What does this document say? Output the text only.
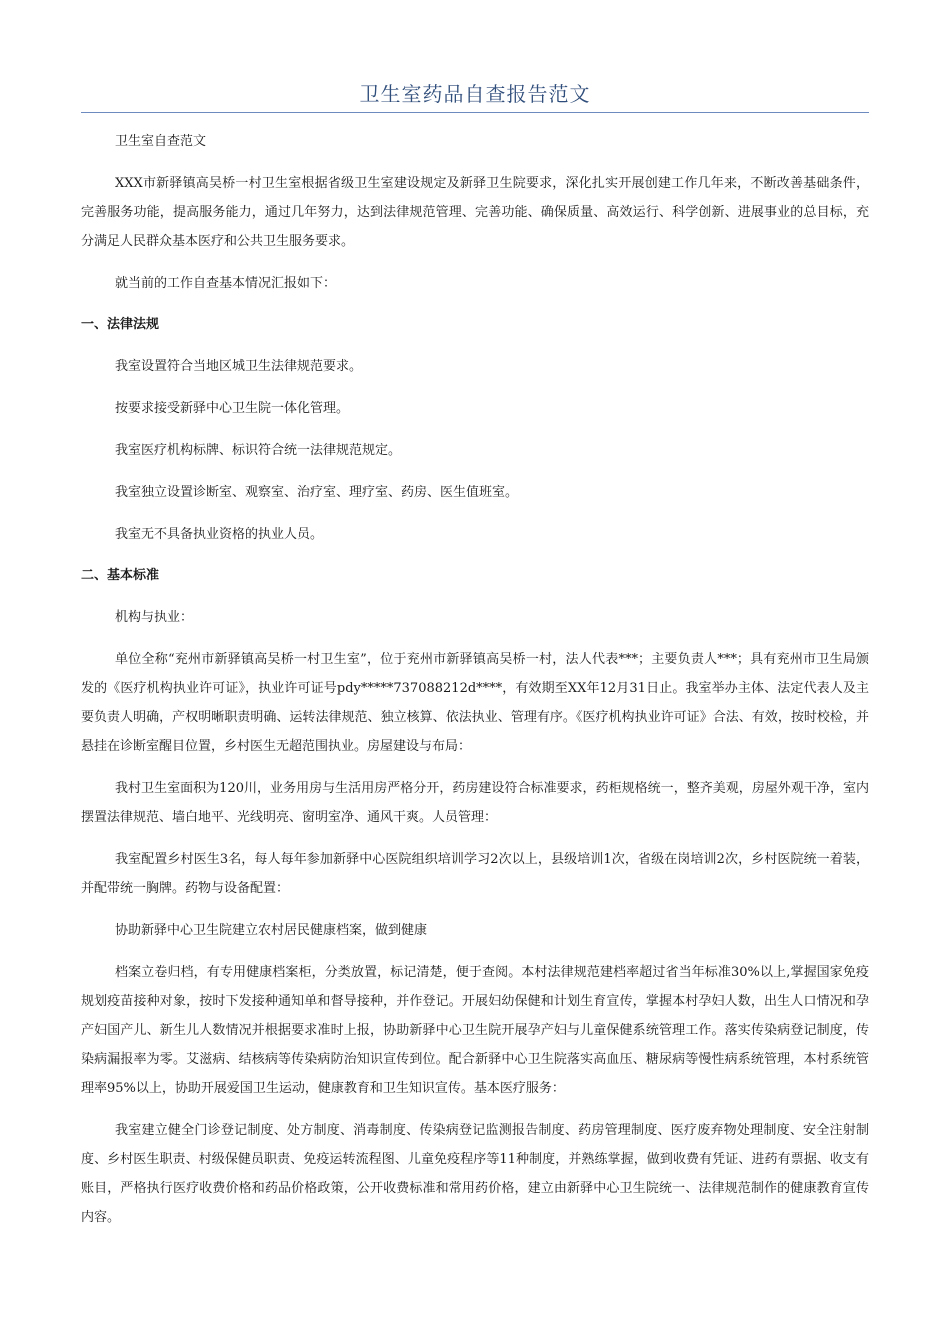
卫生室药品自查报告范文

卫生室自查范文

XXX市新驿镇高吴桥一村卫生室根据省级卫生室建设规定及新驿卫生院要求，深化扎实开展创建工作几年来，不断改善基础条件，完善服务功能，提高服务能力，通过几年努力，达到法律规范管理、完善功能、确保质量、高效运行、科学创新、进展事业的总目标，充分满足人民群众基本医疗和公共卫生服务要求。

就当前的工作自查基本情况汇报如下：

一、法律法规

我室设置符合当地区城卫生法律规范要求。

按要求接受新驿中心卫生院一体化管理。

我室医疗机构标牌、标识符合统一法律规范规定。

我室独立设置诊断室、观察室、治疗室、理疗室、药房、医生值班室。

我室无不具备执业资格的执业人员。

二、基本标准

机构与执业：

单位全称“兖州市新驿镇高吴桥一村卫生室”，位于兖州市新驿镇高吴桥一村，法人代表***；主要负责人***；具有兖州市卫生局颁发的《医疗机构执业许可证》，执业许可证号pdy*****737088212d****，有效期至XX年12月31日止。我室举办主体、法定代表人及主要负责人明确，产权明晰职责明确、运转法律规范、独立核算、依法执业、管理有序。《医疗机构执业许可证》合法、有效，按时校检，并悬挂在诊断室醒目位置，乡村医生无超范围执业。房屋建设与布局：

我村卫生室面积为120川，业务用房与生活用房严格分开，药房建设符合标准要求，药柜规格统一，整齐美观，房屋外观干净，室内摆置法律规范、墙白地平、光线明亮、窗明室净、通风干爽。人员管理：

我室配置乡村医生3名，每人每年参加新驿中心医院组织培训学习2次以上，县级培训1次，省级在岗培训2次，乡村医院统一着装，并配带统一胸牌。药物与设备配置：

协助新驿中心卫生院建立农村居民健康档案，做到健康

档案立卷归档，有专用健康档案柜，分类放置，标记清楚，便于查阅。本村法律规范建档率超过省当年标准30%以上,掌握国家免疫规划疫苗接种对象，按时下发接种通知单和督导接种，并作登记。开展妇幼保健和计划生育宣传，掌握本村孕妇人数，出生人口情况和孕产妇国产儿、新生儿人数情况并根据要求准时上报，协助新驿中心卫生院开展孕产妇与儿童保健系统管理工作。落实传染病登记制度，传染病漏报率为零。艾滋病、结核病等传染病防治知识宣传到位。配合新驿中心卫生院落实高血压、糖尿病等慢性病系统管理，本村系统管理率95%以上，协助开展爱国卫生运动，健康教育和卫生知识宣传。基本医疗服务：

我室建立健全门诊登记制度、处方制度、消毒制度、传染病登记监测报告制度、药房管理制度、医疗废弃物处理制度、安全注射制度、乡村医生职责、村级保健员职责、免疫运转流程图、儿童免疫程序等11种制度，并熟练掌握，做到收费有凭证、进药有票据、收支有账目，严格执行医疗收费价格和药品价格政策，公开收费标准和常用药价格，建立由新驿中心卫生院统一、法律规范制作的健康教育宣传内容。
